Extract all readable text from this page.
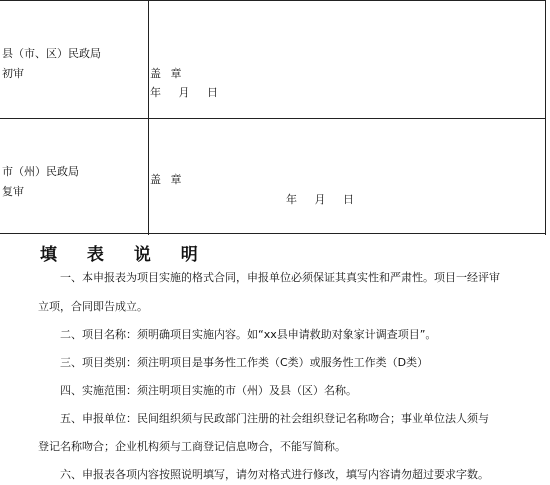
县（市、区）民政局
初审	盖 章
年 月 日
市（州）民政局
复审
盖 章
年 月 日
填 表 说 明
一、本申报表为项目实施的格式合同，申报单位必须保证其真实性和严肃性。项目一经评审
立项，合同即告成立。
二、项目名称：须明确项目实施内容。如“xx县申请救助对象家计调查项目”。
三、项目类别：须注明项目是事务性工作类（C类）或服务性工作类（D类）
四、实施范围：须注明项目实施的市（州）及县（区）名称。
五、申报单位：民间组织须与民政部门注册的社会组织登记名称吻合；事业单位法人须与
登记名称吻合；企业机构须与工商登记信息吻合，不能写简称。
六、申报表各项内容按照说明填写，请勿对格式进行修改，填写内容请勿超过要求字数。
